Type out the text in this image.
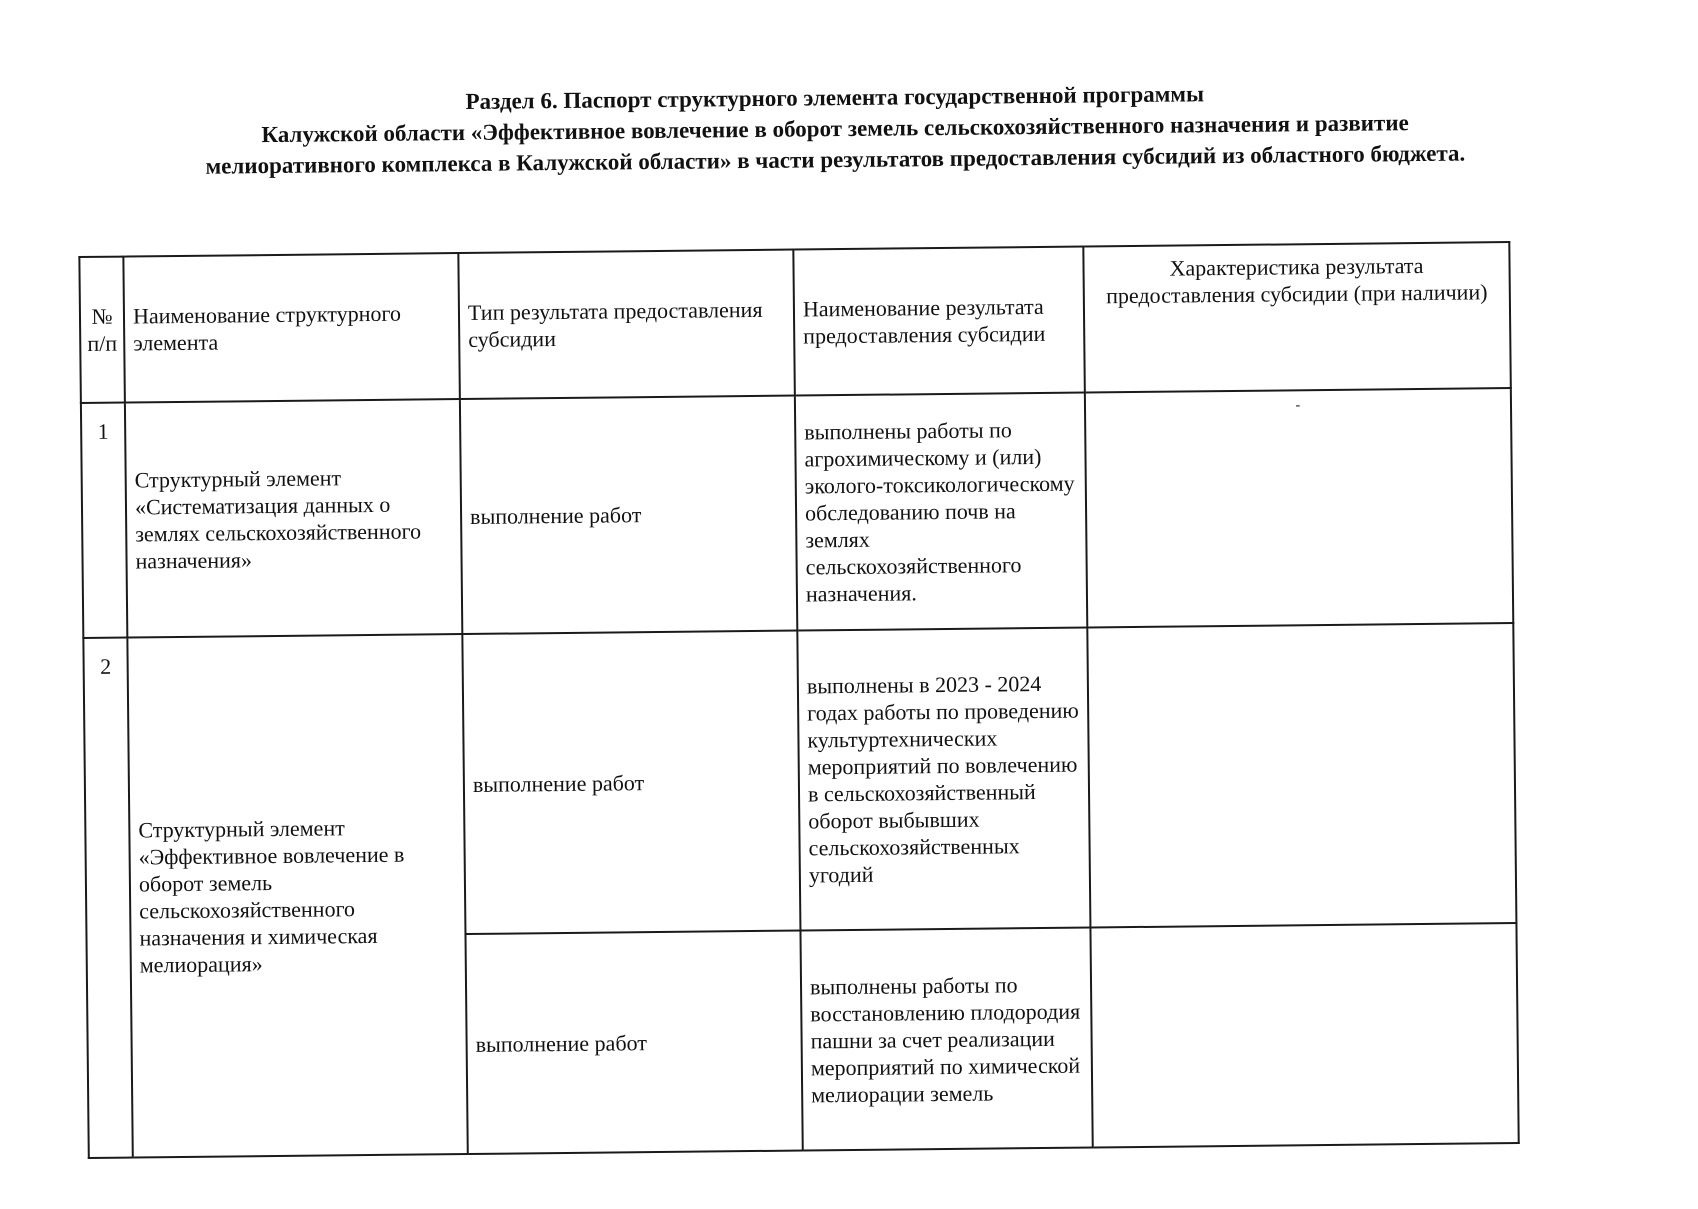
Раздел 6. Паспорт структурного элемента государственной программы
Калужской области «Эффективное вовлечение в оборот земель сельскохозяйственного назначения и развитие
мелиоративного комплекса в Калужской области» в части результатов предоставления субсидий из областного бюджета.
№ п/п	Наименование структурного элемента	Тип результата предоставления субсидии	Наименование результата предоставления субсидии	Характеристика результата предоставления субсидии (при наличии)
1	Структурный элемент «Систематизация данных о землях сельскохозяйственного назначения»	выполнение работ	выполнены работы по агрохимическому и (или) эколого-токсикологическому обследованию почв на землях сельскохозяйственного назначения.	-

2	Структурный элемент «Эффективное вовлечение в оборот земель сельскохозяйственного назначения и химическая мелиорация»	выполнение работ	выполнены в 2023 - 2024 годах работы по проведению культуртехнических мероприятий по вовлечению в сельскохозяйственный оборот выбывших сельскохозяйственных угодий	
		выполнение работ	выполнены работы по восстановлению плодородия
пашни за счет реализации мероприятий по химической мелиорации земель	
